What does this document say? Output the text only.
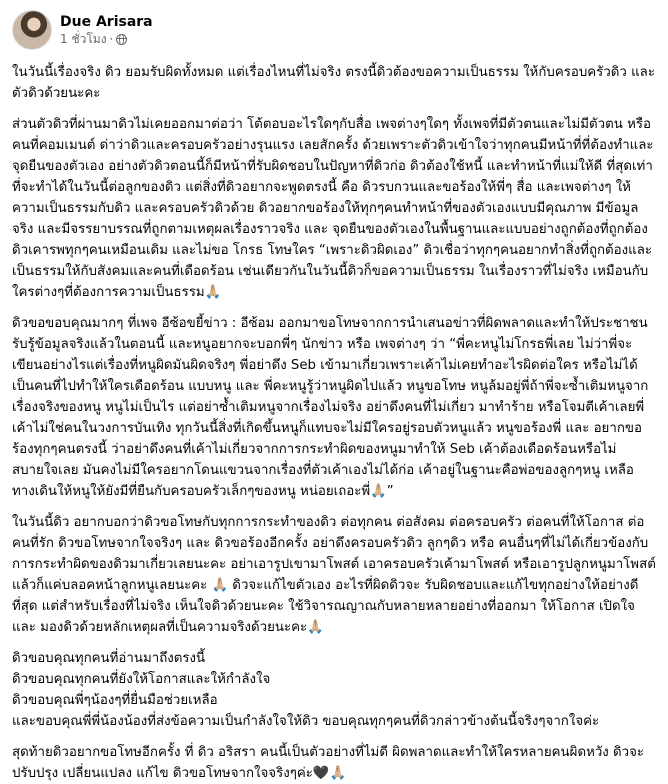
Due Arisara
1 ชั่วโมง ·

ในวันนี้เรื่องจริง ดิว ยอมรับผิดทั้งหมด แต่เรื่องไหนที่ไม่จริง ตรงนี้ดิวต้องขอความเป็นธรรม ให้กับครอบครัวดิว และ ตัวดิวด้วยนะคะ

ส่วนตัวดิวที่ผ่านมาดิวไม่เคยออกมาต่อว่า โต้ตอบอะไรใดๆกับสื่อ เพจต่างๆใดๆ ทั้งเพจที่มีตัวตนและไม่มีตัวตน หรือ คนที่คอมเมนต์ ด่าว่าดิวและครอบครัวอย่างรุนแรง เลยสักครั้ง ด้วยเพราะตัวดิวเข้าใจว่าทุกคนมีหน้าที่ที่ต้องทำและจุดยืนของตัวเอง อย่างตัวดิวตอนนี้ก็มีหน้าที่รับผิดชอบในปัญหาที่ดิวก่อ ดิวต้องใช้หนี้ และทำหน้าที่แม่ให้ดี ที่สุดเท่าที่จะทำได้ในวันนี้ต่อลูกของดิว แต่สิ่งที่ดิวอยากจะพูดตรงนี้ คือ ดิวรบกวนและขอร้องให้พี่ๆ สื่อ และเพจต่างๆ ให้ความเป็นธรรมกับดิว และครอบครัวดิวด้วย ดิวอยากขอร้องให้ทุกๆคนทำหน้าที่ของตัวเองแบบมีคุณภาพ มีข้อมูลจริง และมีจรรยาบรรณที่ถูกตามเหตุผลเรื่องราวจริง และ จุดยืนของตัวเองในพื้นฐานและแบบอย่างถูกต้องที่ถูกต้อง ดิวเคารพทุกๆคนเหมือนเดิม และไม่ขอ โกรธ โทษใคร “เพราะดิวผิดเอง” ดิวเชื่อว่าทุกๆคนอยากทำสิ่งที่ถูกต้องและเป็นธรรมให้กับสังคมและคนที่เดือดร้อน เช่นเดียวกันในวันนี้ดิวก็ขอความเป็นธรรม ในเรื่องราวที่ไม่จริง เหมือนกับใครต่างๆที่ต้องการความเป็นธรรม🙏🏼

ดิวขอขอบคุณมากๆ ที่เพจ อีซ้อขยี้ข่าว : อีซ้อม ออกมาขอโทษจากการนำเสนอข่าวที่ผิดพลาดและทำให้ประชาชนรับรู้ข้อมูลจริงแล้วในตอนนี้ และหนูอยากจะบอกพี่ๆ นักข่าว หรือ เพจต่างๆ ว่า “พี่คะหนูไม่โกรธพี่เลย ไม่ว่าพี่จะเขียนอย่างไรแต่เรื่องที่หนูผิดมันผิดจริงๆ พี่อย่าดึง Seb เข้ามาเกี่ยวเพราะเค้าไม่เคยทำอะไรผิดต่อใคร หรือไม่ได้เป็นคนที่ไปทำให้ใครเดือดร้อน แบบหนู และ พี่คะหนูรู้ว่าหนูผิดไปแล้ว หนูขอโทษ หนูล้มอยู่พี่ถ้าพี่จะซ้ำเติมหนูจากเรื่องจริงของหนู หนูไม่เป็นไร แต่อย่าซ้ำเติมหนูจากเรื่องไม่จริง อย่าดึงคนที่ไม่เกี่ยว มาทำร้าย หรือโจมตีเค้าเลยพี่ เค้าไม่ใช่คนในวงการบันเทิง ทุกวันนี้สิ่งที่เกิดขึ้นหนูก็แทบจะไม่มีใครอยู่รอบตัวหนูแล้ว หนูขอร้องพี่ และ อยากขอร้องทุกๆคนตรงนี้ ว่าอย่าดึงคนที่เค้าไม่เกี่ยวจากการกระทำผิดของหนูมาทำให้ Seb เค้าต้องเดือดร้อนหรือไม่สบายใจเลย มันคงไม่มีใครอยากโดนแขวนจากเรื่องที่ตัวเค้าเองไม่ได้ก่อ เค้าอยู่ในฐานะคือพ่อของลูกๆหนู เหลือทางเดินให้หนูให้ยังมีที่ยืนกับครอบครัวเล็กๆของหนู หน่อยเถอะพี่🙏🏼”

ในวันนี้ดิว อยากบอกว่าดิวขอโทษกับทุกการกระทำของดิว ต่อทุกคน ต่อสังคม ต่อครอบครัว ต่อคนที่ให้โอกาส ต่อคนที่รัก ดิวขอโทษจากใจจริงๆ และ ดิวขอร้องอีกครั้ง อย่าดึงครอบครัวดิว ลูกๆดิว หรือ คนอื่นๆที่ไม่ได้เกี่ยวข้องกับการกระทำผิดของดิวมาเกี่ยวเลยนะคะ อย่าเอารูปเขามาโพสต์ เอาครอบครัวเค้ามาโพสต์ หรือเอารูปลูกหนูมาโพสต์แล้วก็แค่บลอคหน้าลูกหนูเลยนะคะ 🙏🏼 ดิวจะแก้ไขตัวเอง อะไรที่ผิดดิวจะ รับผิดชอบและแก้ไขทุกอย่างให้อย่างดีที่สุด แต่สำหรับเรื่องที่ไม่จริง เห็นใจดิวด้วยนะคะ ใช้วิจารณญาณกับหลายหลายอย่างที่ออกมา ให้โอกาส เปิดใจ และ มองดิวด้วยหลักเหตุผลที่เป็นความจริงด้วยนะคะ🙏🏼

ดิวขอบคุณทุกคนที่อ่านมาถึงตรงนี้
ดิวขอบคุณทุกคนที่ยังให้โอกาสและให้กำลังใจ
ดิวขอบคุณพี่ๆน้องๆที่ยื่นมือช่วยเหลือ
และขอบคุณพี่พี่น้องน้องที่ส่งข้อความเป็นกำลังใจให้ดิว ขอบคุณทุกๆคนที่ดิวกล่าวข้างต้นนี้จริงๆจากใจค่ะ

สุดท้ายดิวอยากขอโทษอีกครั้ง ที่ ดิว อริสรา คนนี้เป็นตัวอย่างที่ไม่ดี ผิดพลาดและทำให้ใครหลายคนผิดหวัง ดิวจะ ปรับปรุง เปลี่ยนแปลง แก้ไข ดิวขอโทษจากใจจริงๆค่ะ🖤🙏🏼
